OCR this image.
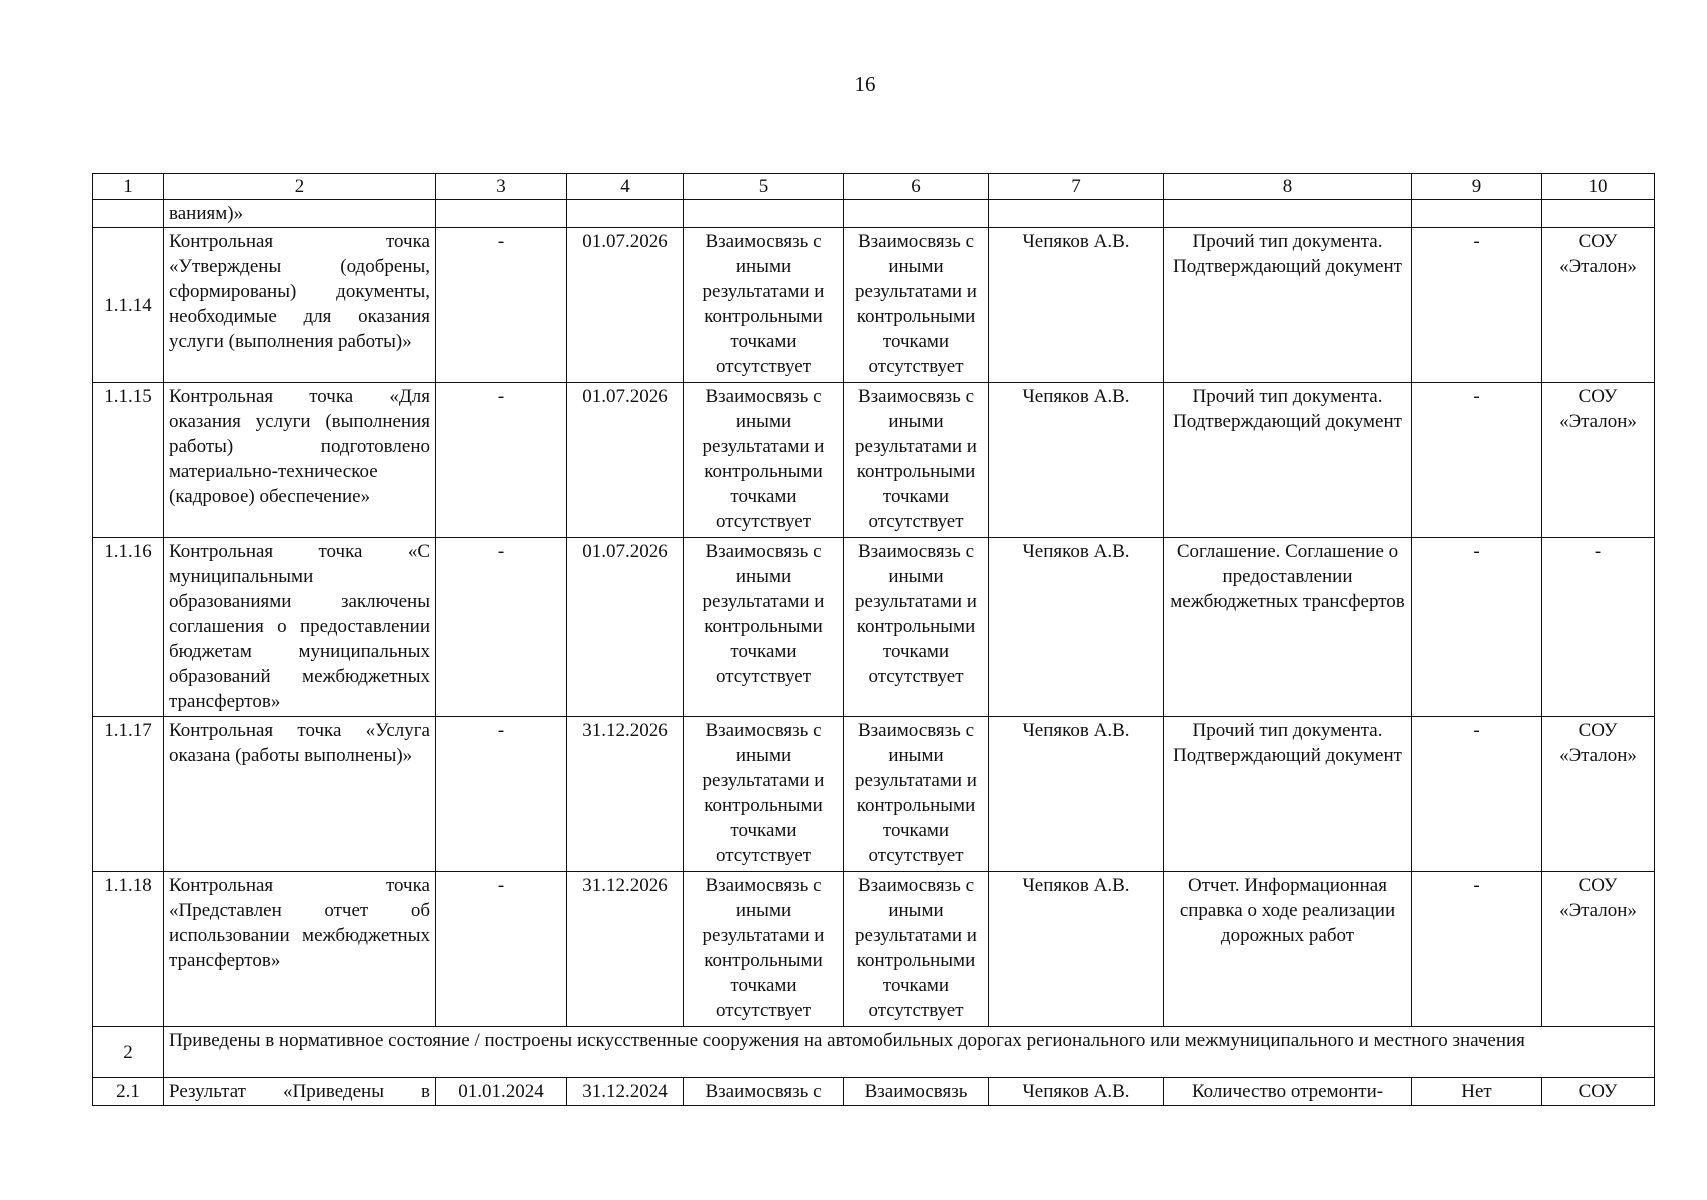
16
1	2	3	4	5	6	7	8	9	10
	ваниям)»								
1.1.14	Контрольная точка «Утверждены (одобрены, сформированы) документы, необходимые для оказания услуги (выполнения работы)»	-	01.07.2026	Взаимосвязь с иными результатами и контрольными точками отсутствует	Взаимосвязь с иными результатами и контрольными точками отсутствует	Чепяков А.В.	Прочий тип документа. Подтверждающий документ	-	СОУ «Эталон»
1.1.15	Контрольная точка «Для оказания услуги (выполнения работы) подготовлено материально-техническое (кадровое) обеспечение»	-	01.07.2026	Взаимосвязь с иными результатами и контрольными точками отсутствует	Взаимосвязь с иными результатами и контрольными точками отсутствует	Чепяков А.В.	Прочий тип документа. Подтверждающий документ	-	СОУ «Эталон»
1.1.16	Контрольная точка «С муниципальными образованиями заключены соглашения о предоставлении бюджетам муниципальных образований межбюджетных трансфертов»	-	01.07.2026	Взаимосвязь с иными результатами и контрольными точками отсутствует	Взаимосвязь с иными результатами и контрольными точками отсутствует	Чепяков А.В.	Соглашение. Соглашение о предоставлении межбюджетных трансфертов	-	-
1.1.17	Контрольная точка «Услуга оказана (работы выполнены)»	-	31.12.2026	Взаимосвязь с иными результатами и контрольными точками отсутствует	Взаимосвязь с иными результатами и контрольными точками отсутствует	Чепяков А.В.	Прочий тип документа. Подтверждающий документ	-	СОУ «Эталон»
1.1.18	Контрольная точка «Представлен отчет об использовании межбюджетных трансфертов»	-	31.12.2026	Взаимосвязь с иными результатами и контрольными точками отсутствует	Взаимосвязь с иными результатами и контрольными точками отсутствует	Чепяков А.В.	Отчет. Информационная справка о ходе реализации дорожных работ	-	СОУ «Эталон»
2	Приведены в нормативное состояние / построены искусственные сооружения на автомобильных дорогах регионального или межмуниципального и местного значения								
2.1	Результат «Приведены в	01.01.2024	31.12.2024	Взаимосвязь с	Взаимосвязь	Чепяков А.В.	Количество отремонти-	Нет	СОУ
